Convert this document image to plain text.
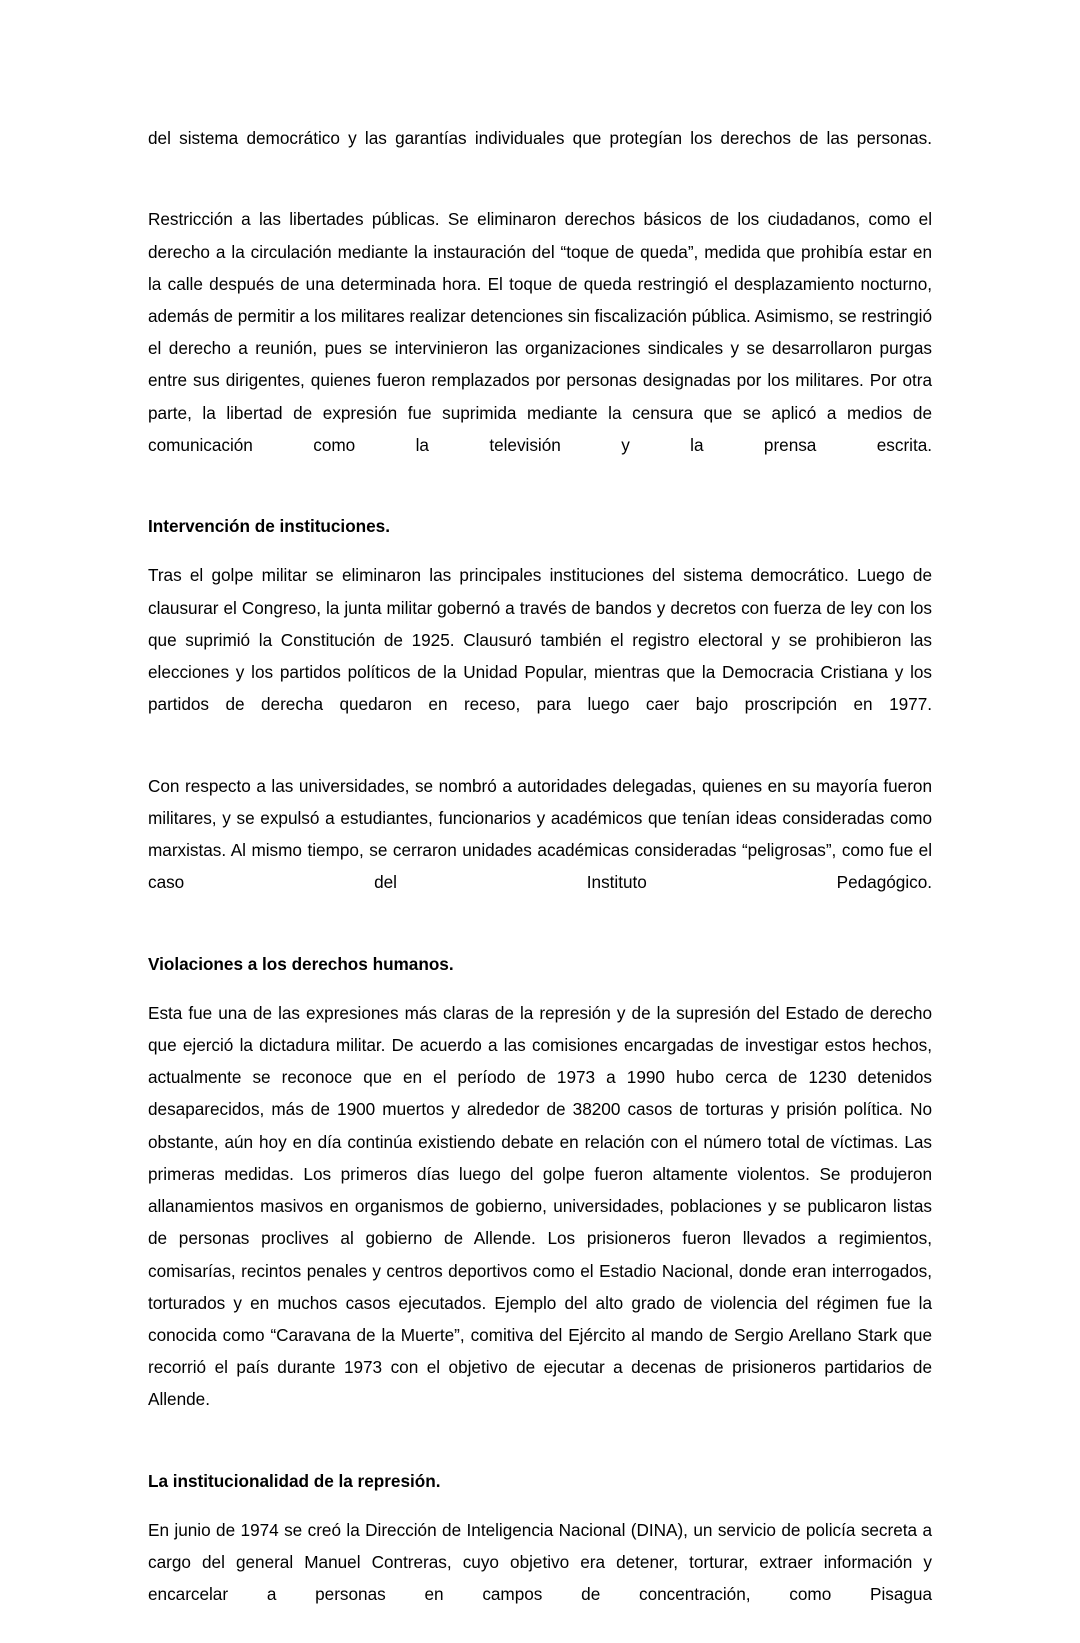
del sistema democrático y las garantías individuales que protegían los derechos de las personas.

Restricción a las libertades públicas. Se eliminaron derechos básicos de los ciudadanos, como el derecho a la circulación mediante la instauración del “toque de queda”, medida que prohibía estar en la calle después de una determinada hora. El toque de queda restringió el desplazamiento nocturno, además de permitir a los militares realizar detenciones sin fiscalización pública. Asimismo, se restringió el derecho a reunión, pues se intervinieron las organizaciones sindicales y se desarrollaron purgas entre sus dirigentes, quienes fueron remplazados por personas designadas por los militares. Por otra parte, la libertad de expresión fue suprimida mediante la censura que se aplicó a medios de comunicación como la televisión y la prensa escrita.

Intervención de instituciones.

Tras el golpe militar se eliminaron las principales instituciones del sistema democrático. Luego de clausurar el Congreso, la junta militar gobernó a través de bandos y decretos con fuerza de ley con los que suprimió la Constitución de 1925. Clausuró también el registro electoral y se prohibieron las elecciones y los partidos políticos de la Unidad Popular, mientras que la Democracia Cristiana y los partidos de derecha quedaron en receso, para luego caer bajo proscripción en 1977.

Con respecto a las universidades, se nombró a autoridades delegadas, quienes en su mayoría fueron militares, y se expulsó a estudiantes, funcionarios y académicos que tenían ideas consideradas como marxistas. Al mismo tiempo, se cerraron unidades académicas consideradas “peligrosas”, como fue el caso del Instituto Pedagógico.

Violaciones a los derechos humanos.

Esta fue una de las expresiones más claras de la represión y de la supresión del Estado de derecho que ejerció la dictadura militar. De acuerdo a las comisiones encargadas de investigar estos hechos, actualmente se reconoce que en el período de 1973 a 1990 hubo cerca de 1230 detenidos desaparecidos, más de 1900 muertos y alrededor de 38200 casos de torturas y prisión política. No obstante, aún hoy en día continúa existiendo debate en relación con el número total de víctimas. Las primeras medidas. Los primeros días luego del golpe fueron altamente violentos. Se produjeron allanamientos masivos en organismos de gobierno, universidades, poblaciones y se publicaron listas de personas proclives al gobierno de Allende. Los prisioneros fueron llevados a regimientos, comisarías, recintos penales y centros deportivos como el Estadio Nacional, donde eran interrogados, torturados y en muchos casos ejecutados. Ejemplo del alto grado de violencia del régimen fue la conocida como “Caravana de la Muerte”, comitiva del Ejército al mando de Sergio Arellano Stark que recorrió el país durante 1973 con el objetivo de ejecutar a decenas de prisioneros partidarios de Allende.

La institucionalidad de la represión.

En junio de 1974 se creó la Dirección de Inteligencia Nacional (DINA), un servicio de policía secreta a cargo del general Manuel Contreras, cuyo objetivo era detener, torturar, extraer información y encarcelar a personas en campos de concentración, como Pisagua
